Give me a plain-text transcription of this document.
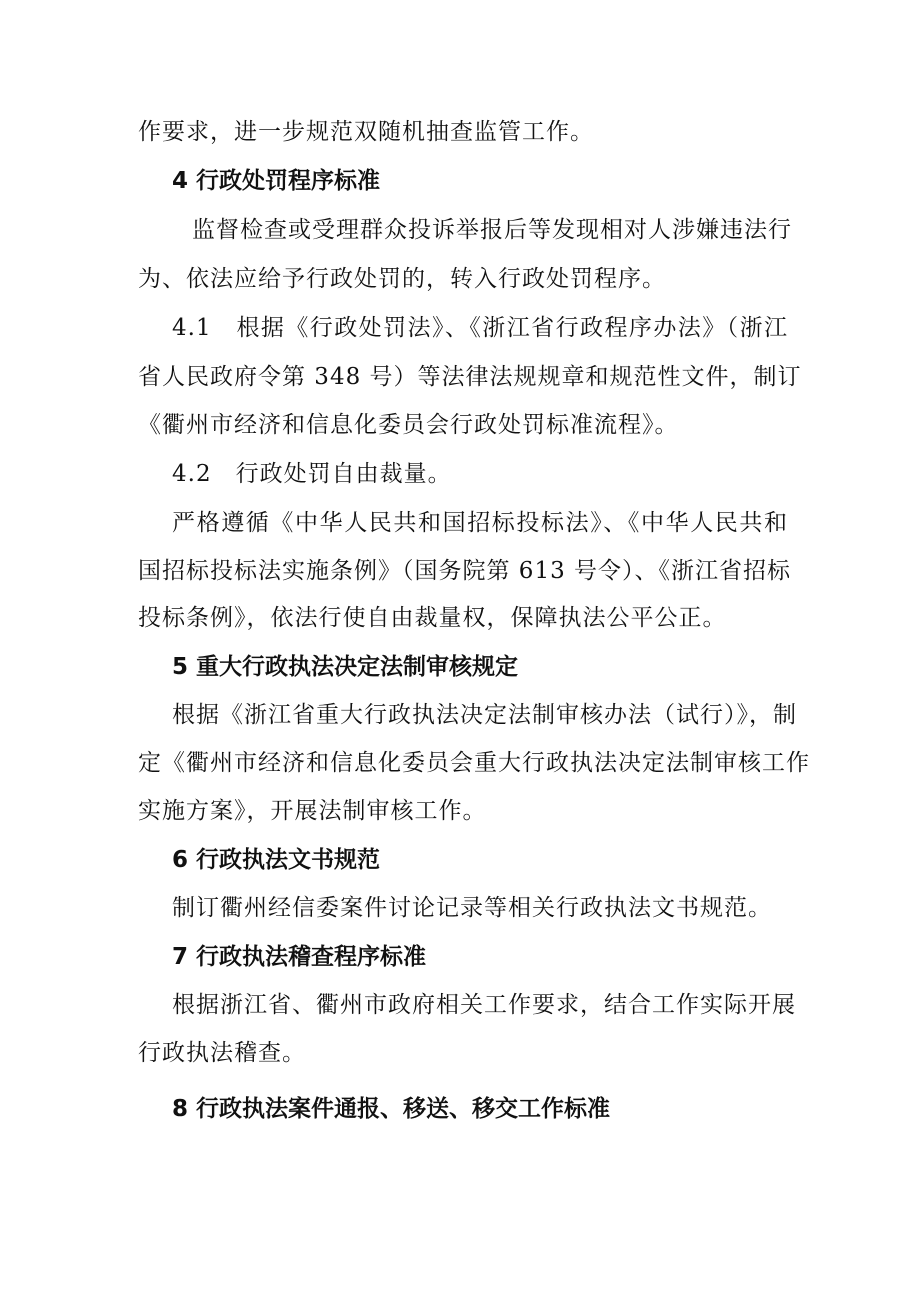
作要求，进一步规范双随机抽查监管工作。
4 行政处罚程序标准
监督检查或受理群众投诉举报后等发现相对人涉嫌违法行
为、依法应给予行政处罚的，转入行政处罚程序。
4.1　根据《行政处罚法》、《浙江省行政程序办法》（浙江
省人民政府令第 348 号）等法律法规规章和规范性文件，制订
《衢州市经济和信息化委员会行政处罚标准流程》。
4.2　行政处罚自由裁量。
严格遵循《中华人民共和国招标投标法》、《中华人民共和
国招标投标法实施条例》（国务院第 613 号令）、《浙江省招标
投标条例》，依法行使自由裁量权，保障执法公平公正。
5 重大行政执法决定法制审核规定
根据《浙江省重大行政执法决定法制审核办法（试行）》，制
定《衢州市经济和信息化委员会重大行政执法决定法制审核工作
实施方案》，开展法制审核工作。
6 行政执法文书规范
制订衢州经信委案件讨论记录等相关行政执法文书规范。
7 行政执法稽查程序标准
根据浙江省、衢州市政府相关工作要求，结合工作实际开展
行政执法稽查。
8 行政执法案件通报、移送、移交工作标准
